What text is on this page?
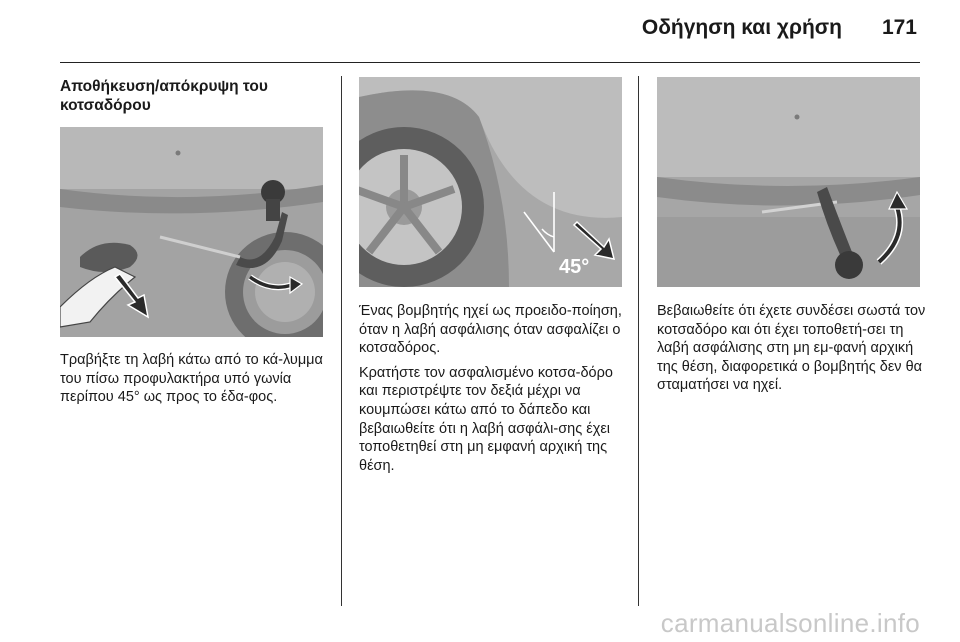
Οδήγηση και χρήση 171
Αποθήκευση/απόκρυψη του κοτσαδόρου

Τραβήξτε τη λαβή κάτω από το κά-λυμμα του πίσω προφυλακτήρα υπό γωνία περίπου 45° ως προς το έδα-φος.

45°

Ένας βομβητής ηχεί ως προειδο-ποίηση, όταν η λαβή ασφάλισης όταν ασφαλίζει ο κοτσαδόρος.

Κρατήστε τον ασφαλισμένο κοτσα-δόρο και περιστρέψτε τον δεξιά μέχρι να κουμπώσει κάτω από το δάπεδο και βεβαιωθείτε ότι η λαβή ασφάλι-σης έχει τοποθετηθεί στη μη εμφανή αρχική της θέση.

Βεβαιωθείτε ότι έχετε συνδέσει σωστά τον κοτσαδόρο και ότι έχει τοποθετή-σει τη λαβή ασφάλισης στη μη εμ-φανή αρχική της θέση, διαφορετικά ο βομβητής δεν θα σταματήσει να ηχεί.

carmanualsonline.info
